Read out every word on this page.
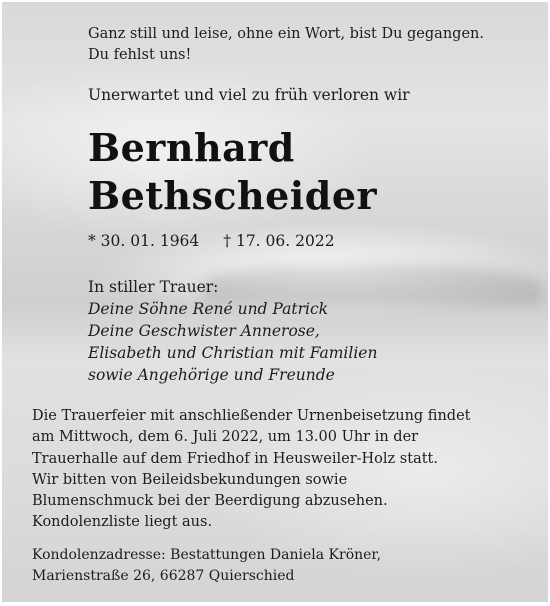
Ganz still und leise, ohne ein Wort, bist Du gegangen.
Du fehlst uns!
Unerwartet und viel zu früh verloren wir
Bernhard
Bethscheider
* 30. 01. 1964 † 17. 06. 2022
In stiller Trauer:
Deine Söhne René und Patrick
Deine Geschwister Annerose,
Elisabeth und Christian mit Familien
sowie Angehörige und Freunde
Die Trauerfeier mit anschließender Urnenbeisetzung findet
am Mittwoch, dem 6. Juli 2022, um 13.00 Uhr in der
Trauerhalle auf dem Friedhof in Heusweiler-Holz statt.
Wir bitten von Beileidsbekundungen sowie
Blumenschmuck bei der Beerdigung abzusehen.
Kondolenzliste liegt aus.
Kondolenzadresse: Bestattungen Daniela Kröner,
Marienstraße 26, 66287 Quierschied
